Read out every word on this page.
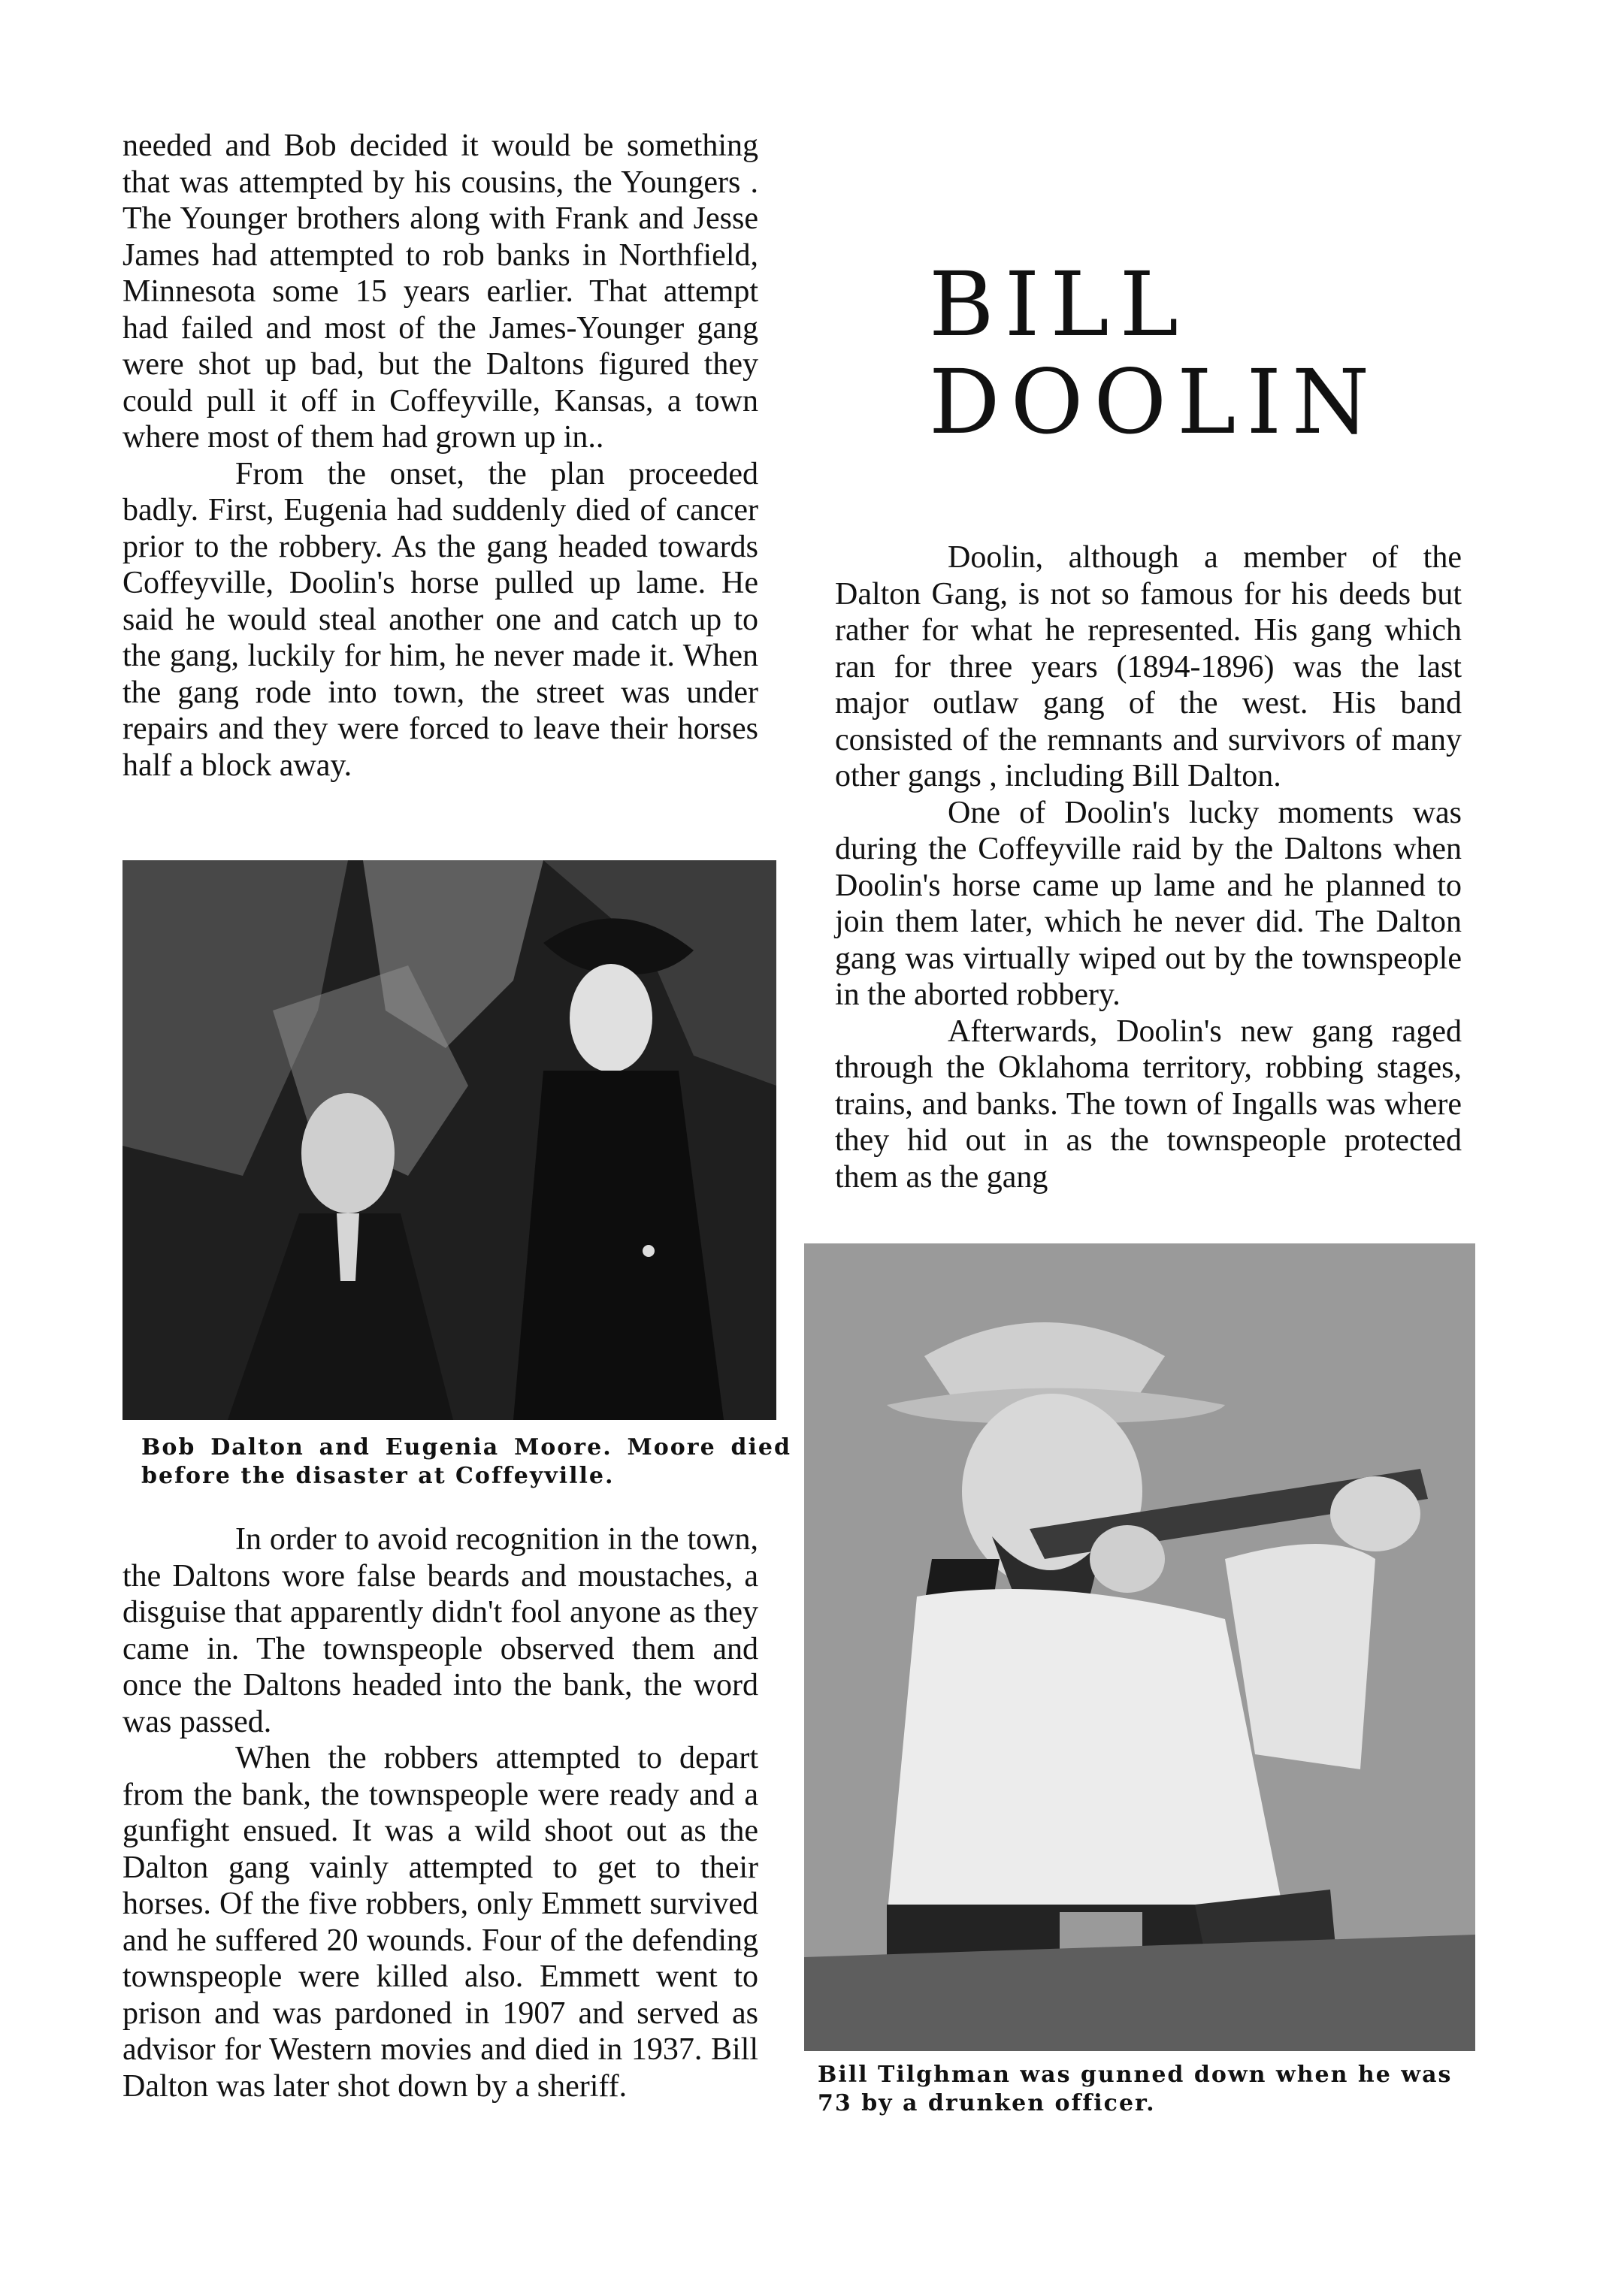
needed and Bob decided it would be something that was attempted by his cousins, the Youngers . The Younger brothers along with Frank and Jesse James had attempted to rob banks in Northfield, Minnesota some 15 years earlier. That attempt had failed and most of the James-Younger gang were shot up bad, but the Daltons figured they could pull it off in Coffeyville, Kansas, a town where most of them had grown up in..

From the onset, the plan proceeded badly. First, Eugenia had suddenly died of cancer prior to the robbery. As the gang headed towards Coffeyville, Doolin's horse pulled up lame. He said he would steal another one and catch up to the gang, luckily for him, he never made it. When the gang rode into town, the street was under repairs and they were forced to leave their horses half a block away.

Bob Dalton and Eugenia Moore. Moore died before the disaster at Coffeyville.

In order to avoid recognition in the town, the Daltons wore false beards and moustaches, a disguise that apparently didn't fool anyone as they came in. The townspeople observed them and once the Daltons headed into the bank, the word was passed.

When the robbers attempted to depart from the bank, the townspeople were ready and a gunfight ensued. It was a wild shoot out as the Dalton gang vainly attempted to get to their horses. Of the five robbers, only Emmett survived and he suffered 20 wounds. Four of the defending townspeople were killed also. Emmett went to prison and was pardoned in 1907 and served as advisor for Western movies and died in 1937. Bill Dalton was later shot down by a sheriff.

BILL
DOOLIN

Doolin, although a member of the Dalton Gang, is not so famous for his deeds but rather for what he represented. His gang which ran for three years (1894-1896) was the last major outlaw gang of the west. His band consisted of the remnants and survivors of many other gangs , including Bill Dalton.

One of Doolin's lucky moments was during the Coffeyville raid by the Daltons when Doolin's horse came up lame and he planned to join them later, which he never did. The Dalton gang was virtually wiped out by the townspeople in the aborted robbery.

Afterwards, Doolin's new gang raged through the Oklahoma territory, robbing stages, trains, and banks. The town of Ingalls was where they hid out in as the townspeople protected them as the gang

Bill Tilghman was gunned down when he was 73 by a drunken officer.
